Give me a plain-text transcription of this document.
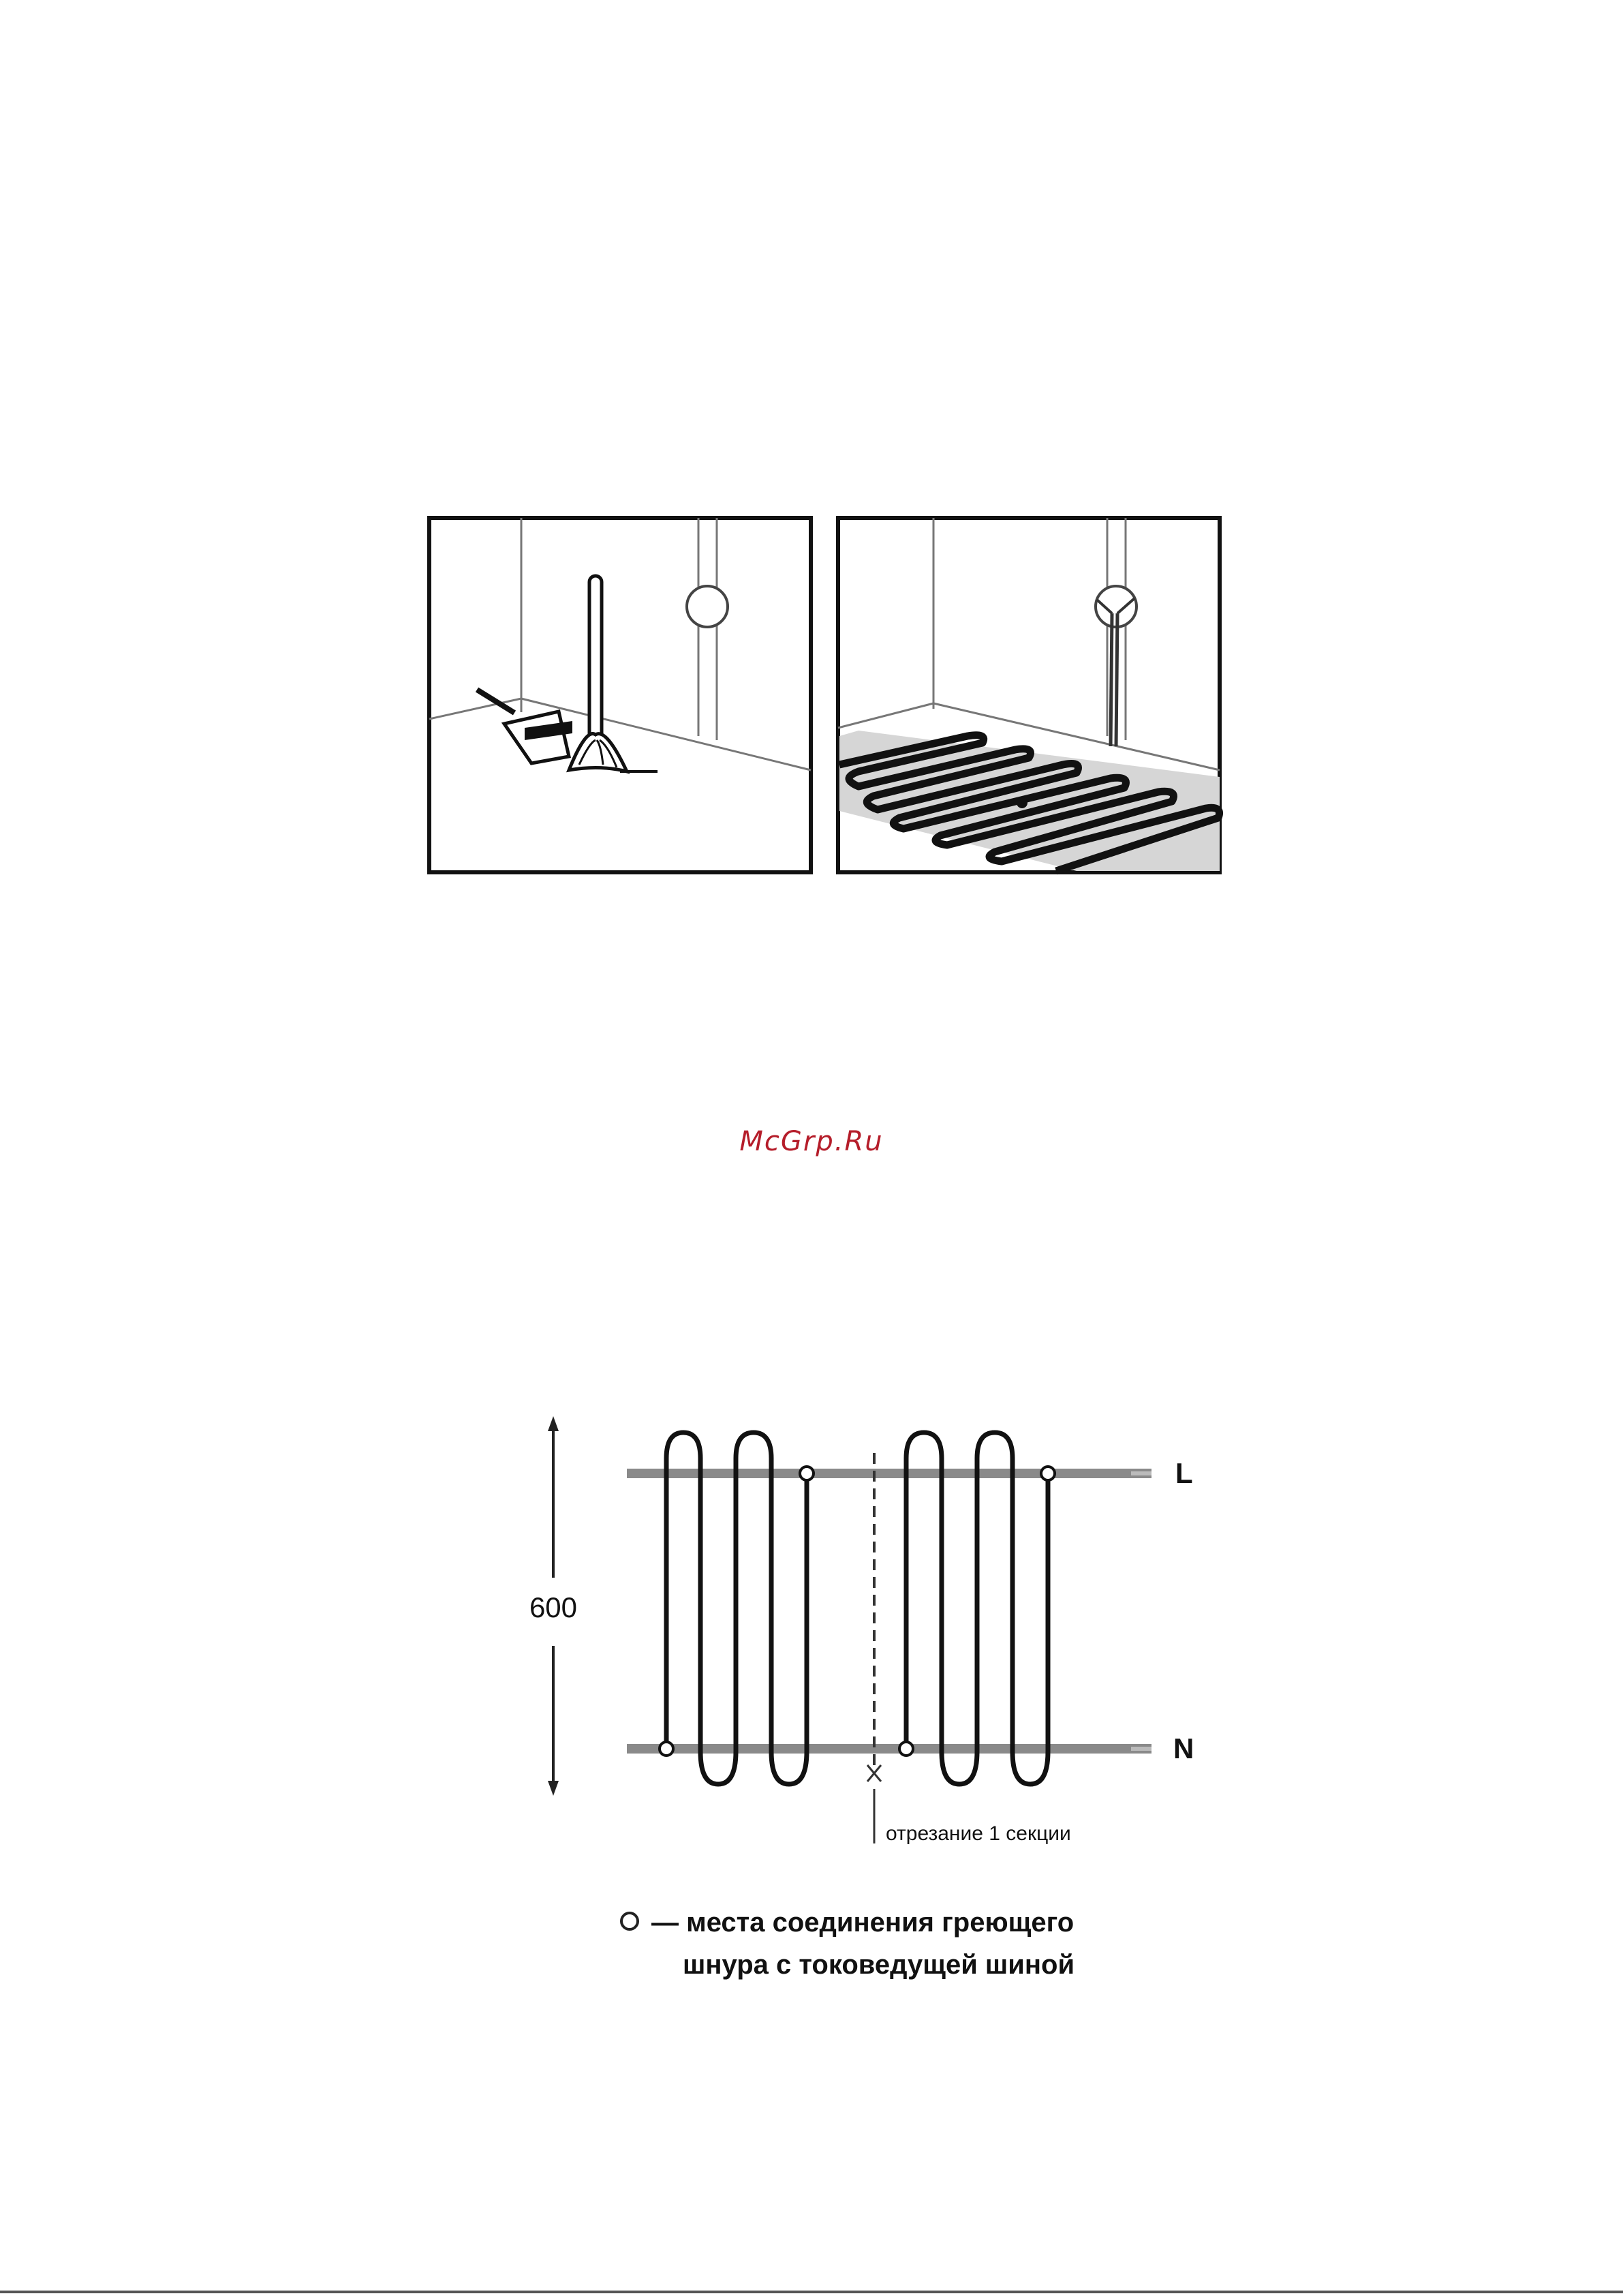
McGrp.Ru
600
L
N
отрезание 1 секции
— места соединения греющего
шнура с токоведущей шиной
